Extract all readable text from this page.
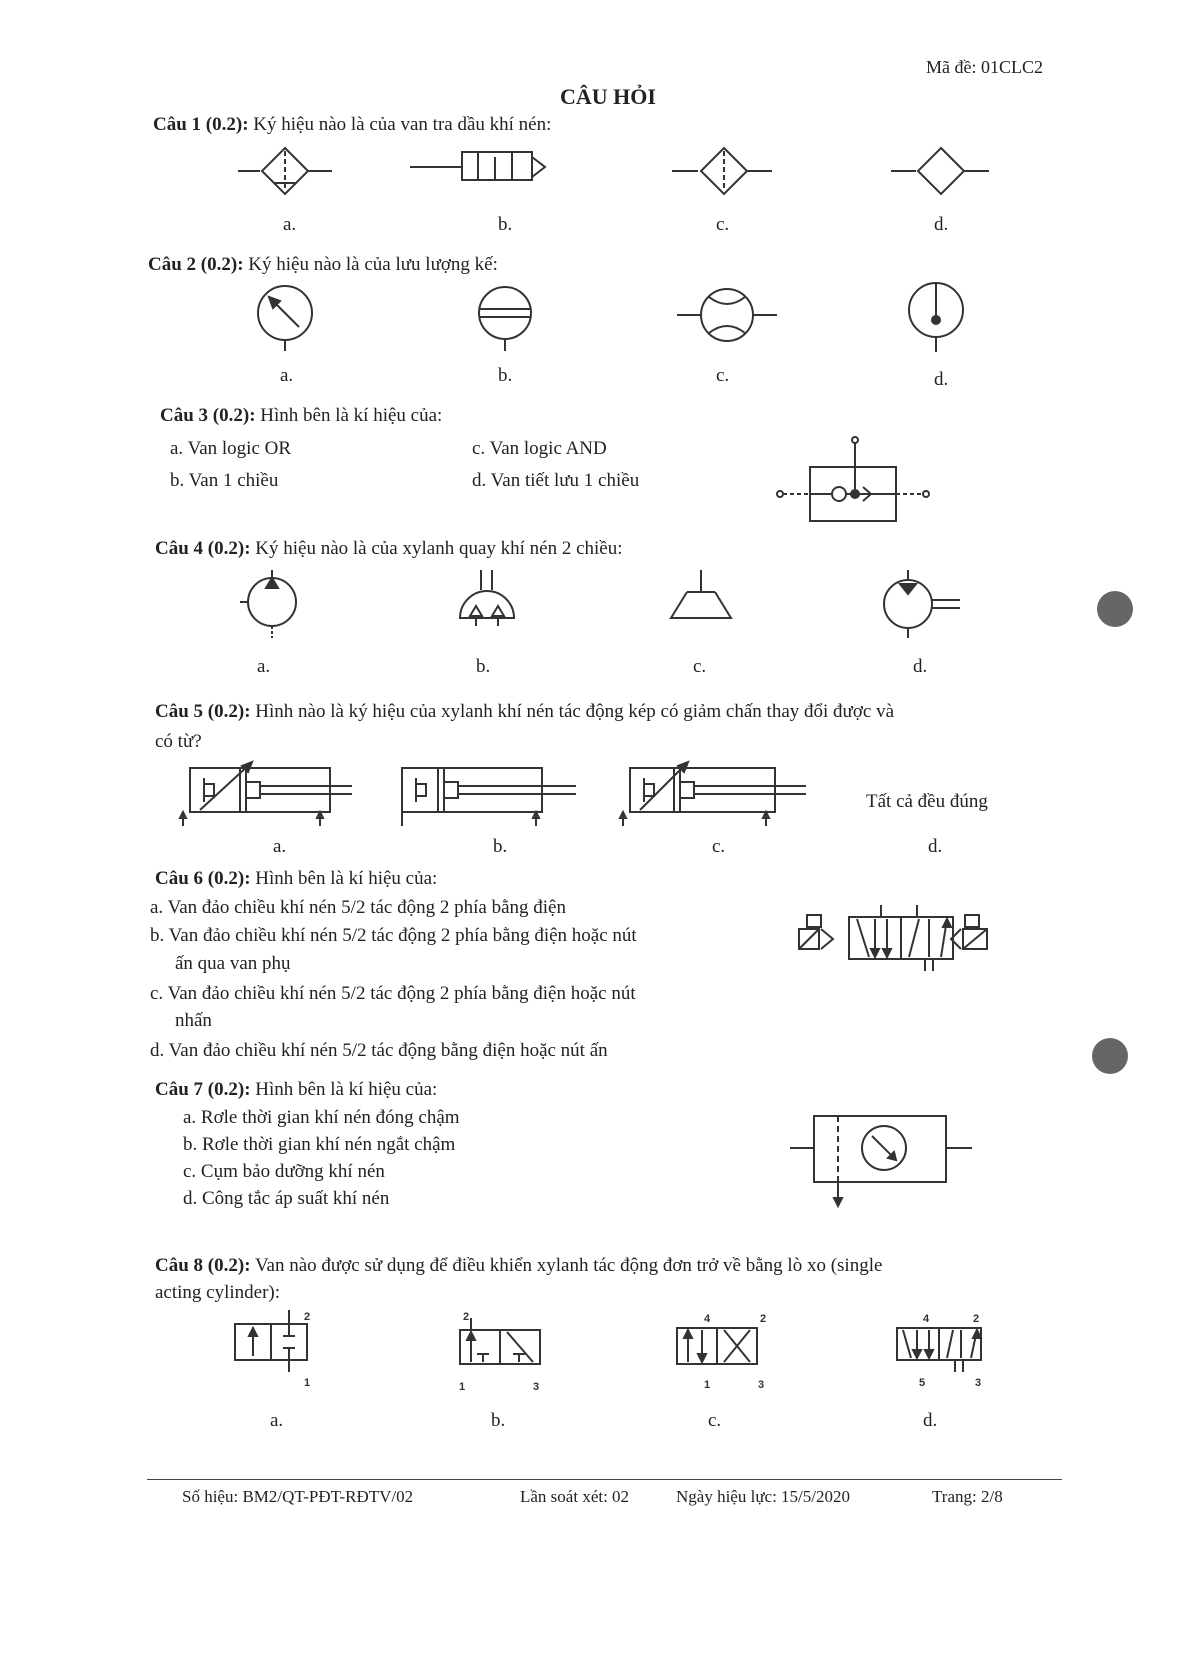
Mã đề: 01CLC2
CÂU HỎI
Câu 1 (0.2): Ký hiệu nào là của van tra dầu khí nén:
a.	b.	c.	d.
Câu 2 (0.2): Ký hiệu nào là của lưu lượng kế:
a.	b.	c.	d.
Câu 3 (0.2): Hình bên là kí hiệu của:
a. Van logic OR
b. Van 1 chiều
c. Van logic AND
d. Van tiết lưu 1 chiều
Câu 4 (0.2): Ký hiệu nào là của xylanh quay khí nén 2 chiều:
a.	b.	c.	d.
Câu 5 (0.2): Hình nào là ký hiệu của xylanh khí nén tác động kép có giảm chấn thay đổi được và
có từ?
Tất cả đều đúng
a.	b.	c.	d.
Câu 6 (0.2): Hình bên là kí hiệu của:
a. Van đảo chiều khí nén 5/2 tác động 2 phía bằng điện
b. Van đảo chiều khí nén 5/2 tác động 2 phía bằng điện hoặc nút
ấn qua van phụ
c. Van đảo chiều khí nén 5/2 tác động 2 phía bằng điện hoặc nút
nhấn
d. Van đảo chiều khí nén 5/2 tác động bằng điện hoặc nút ấn
Câu 7 (0.2): Hình bên là kí hiệu của:
a. Rơle thời gian khí nén đóng chậm
b. Rơle thời gian khí nén ngắt chậm
c. Cụm bảo dưỡng khí nén
d. Công tắc áp suất khí nén
Câu 8 (0.2): Van nào được sử dụng để điều khiển xylanh tác động đơn trở về bằng lò xo (single
acting cylinder):
2
1
2
1	3
4	2
1	3
4	2
5	3
a.	b.	c.	d.
Số hiệu: BM2/QT-PĐT-RĐTV/02	Lần soát xét: 02	Ngày hiệu lực: 15/5/2020	Trang: 2/8
